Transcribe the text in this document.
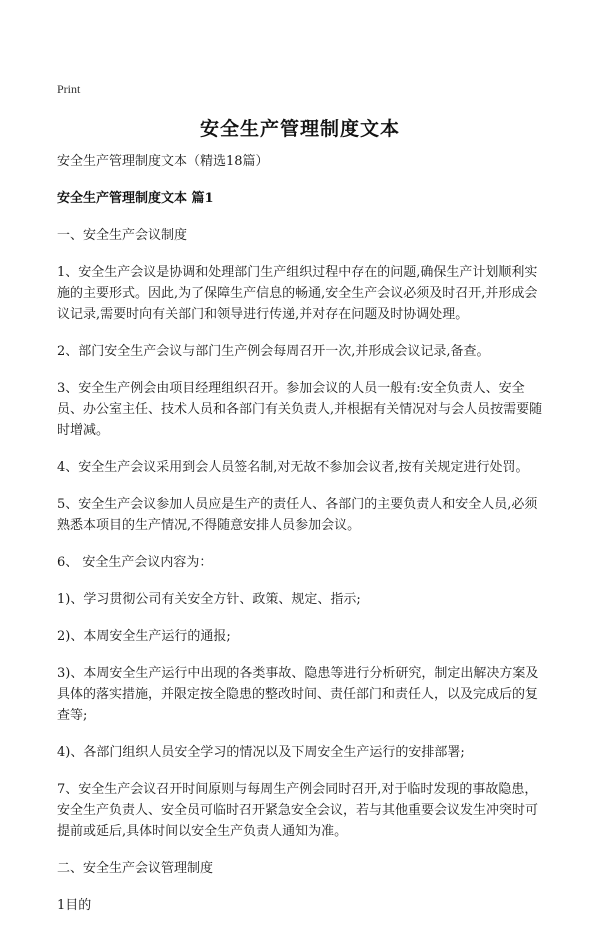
Print
安全生产管理制度文本

安全生产管理制度文本（精选18篇）

安全生产管理制度文本 篇1

一、安全生产会议制度

1、安全生产会议是协调和处理部门生产组织过程中存在的问题,确保生产计划顺利实施的主要形式。因此,为了保障生产信息的畅通,安全生产会议必须及时召开,并形成会议记录,需要时向有关部门和领导进行传递,并对存在问题及时协调处理。

2、部门安全生产会议与部门生产例会每周召开一次,并形成会议记录,备查。

3、安全生产例会由项目经理组织召开。参加会议的人员一般有:安全负责人、安全员、办公室主任、技术人员和各部门有关负责人,并根据有关情况对与会人员按需要随时增减。

4、安全生产会议采用到会人员签名制,对无故不参加会议者,按有关规定进行处罚。

5、安全生产会议参加人员应是生产的责任人、各部门的主要负责人和安全人员,必须熟悉本项目的生产情况,不得随意安排人员参加会议。

6、 安全生产会议内容为：

1)、学习贯彻公司有关安全方针、政策、规定、指示;

2)、本周安全生产运行的通报;

3)、本周安全生产运行中出现的各类事故、隐患等进行分析研究，制定出解决方案及具体的落实措施，并限定按全隐患的整改时间、责任部门和责任人，以及完成后的复查等;

4)、各部门组织人员安全学习的情况以及下周安全生产运行的安排部署;

7、安全生产会议召开时间原则与每周生产例会同时召开,对于临时发现的事故隐患，安全生产负责人、安全员可临时召开紧急安全会议，若与其他重要会议发生冲突时可提前或延后,具体时间以安全生产负责人通知为准。

二、安全生产会议管理制度

1目的
